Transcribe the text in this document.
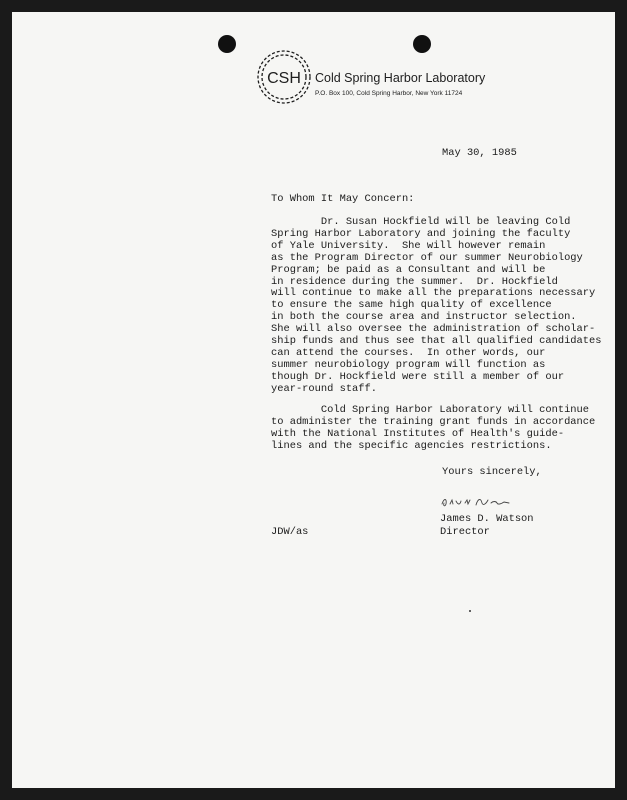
CSH Cold Spring Harbor Laboratory
P.O. Box 100, Cold Spring Harbor, New York 11724
May 30, 1985
To Whom It May Concern:
Dr. Susan Hockfield will be leaving Cold
Spring Harbor Laboratory and joining the faculty
of Yale University.  She will however remain
as the Program Director of our summer Neurobiology
Program; be paid as a Consultant and will be
in residence during the summer.  Dr. Hockfield
will continue to make all the preparations necessary
to ensure the same high quality of excellence
in both the course area and instructor selection.
She will also oversee the administration of scholar-
ship funds and thus see that all qualified candidates
can attend the courses.  In other words, our
summer neurobiology program will function as
though Dr. Hockfield were still a member of our
year-round staff.
Cold Spring Harbor Laboratory will continue
to administer the training grant funds in accordance
with the National Institutes of Health's guide-
lines and the specific agencies restrictions.
Yours sincerely,
James D. Watson
Director
JDW/as
